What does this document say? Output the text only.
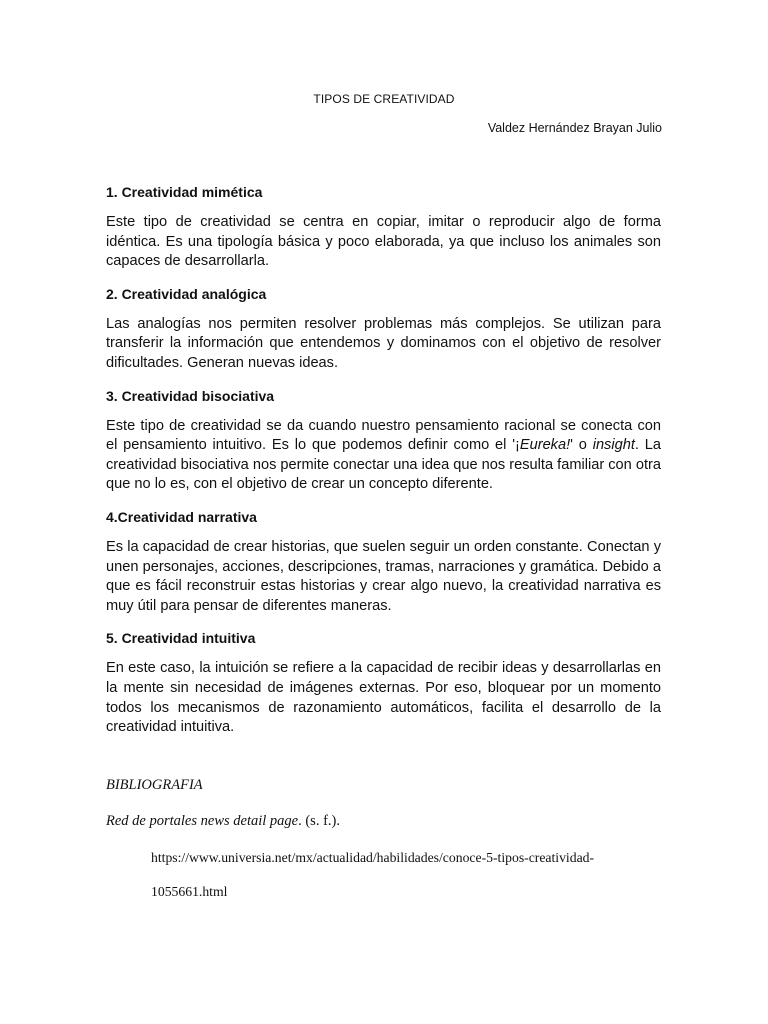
TIPOS DE CREATIVIDAD
Valdez Hernández Brayan Julio

1. Creatividad mimética

Este tipo de creatividad se centra en copiar, imitar o reproducir algo de forma idéntica. Es una tipología básica y poco elaborada, ya que incluso los animales son capaces de desarrollarla.

2. Creatividad analógica

Las analogías nos permiten resolver problemas más complejos. Se utilizan para transferir la información que entendemos y dominamos con el objetivo de resolver dificultades. Generan nuevas ideas.

3. Creatividad bisociativa

Este tipo de creatividad se da cuando nuestro pensamiento racional se conecta con el pensamiento intuitivo. Es lo que podemos definir como el '¡Eureka!' o insight. La creatividad bisociativa nos permite conectar una idea que nos resulta familiar con otra que no lo es, con el objetivo de crear un concepto diferente.

4.Creatividad narrativa

Es la capacidad de crear historias, que suelen seguir un orden constante. Conectan y unen personajes, acciones, descripciones, tramas, narraciones y gramática. Debido a que es fácil reconstruir estas historias y crear algo nuevo, la creatividad narrativa es muy útil para pensar de diferentes maneras.

5. Creatividad intuitiva

En este caso, la intuición se refiere a la capacidad de recibir ideas y desarrollarlas en la mente sin necesidad de imágenes externas. Por eso, bloquear por un momento todos los mecanismos de razonamiento automáticos, facilita el desarrollo de la creatividad intuitiva.

BIBLIOGRAFIA

Red de portales news detail page. (s. f.).

https://www.universia.net/mx/actualidad/habilidades/conoce-5-tipos-creatividad-

1055661.html
